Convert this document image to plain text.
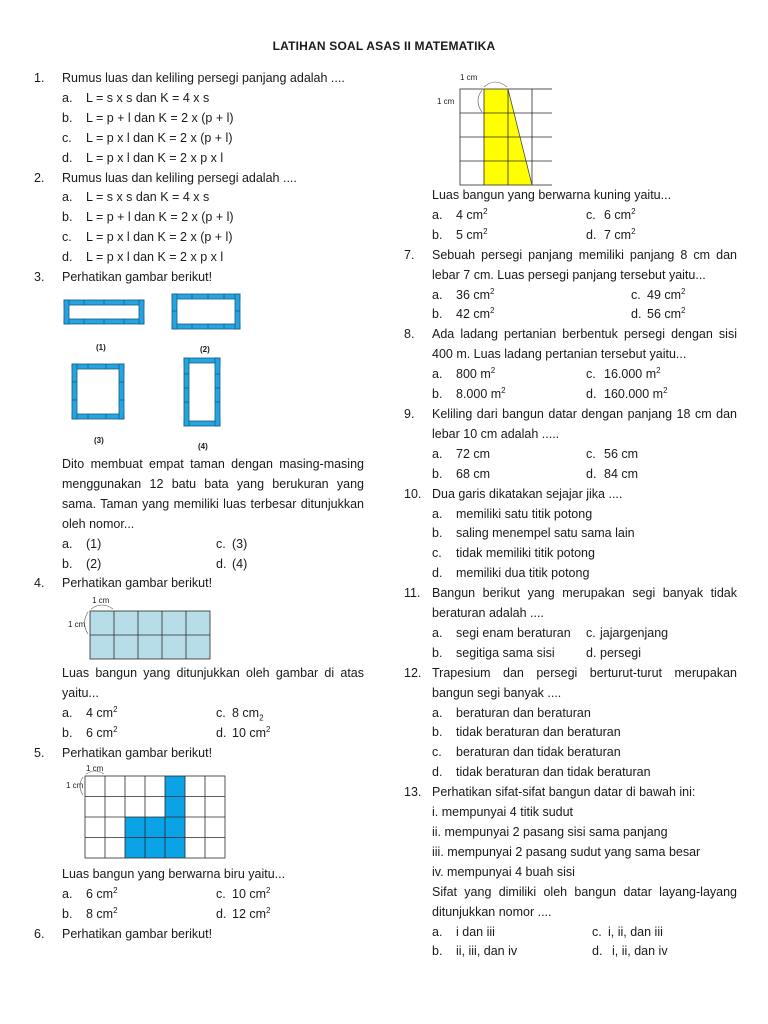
LATIHAN SOAL ASAS II MATEMATIKA
1.	Rumus luas dan keliling persegi panjang adalah ....
a. L = s x s dan K = 4 x s
b. L = p + l dan K = 2 x (p + l)
c. L = p x l dan K = 2 x (p + l)
d. L = p x l dan K = 2 x p x l
2.	Rumus luas dan keliling persegi adalah ....
a. L = s x s dan K = 4 x s
b. L = p + l dan K = 2 x (p + l)
c. L = p x l dan K = 2 x (p + l)
d. L = p x l dan K = 2 x p x l
3.	Perhatikan gambar berikut!
(1)	(2)
(3)
(4)
Dito membuat empat taman dengan masing-masing menggunakan 12 batu bata yang berukuran yang sama. Taman yang memiliki luas terbesar ditunjukkan oleh nomor...
a. (1)	c. (3)
b. (2)	d. (4)
4.	Perhatikan gambar berikut!
1 cm
1 cm
Luas bangun yang ditunjukkan oleh gambar di atas yaitu...
a. 4 $cm^2$	c. 8 $cm_2$
b. 6 $cm^2$	d. 10 $cm^2$
5.	Perhatikan gambar berikut!
1 cm
1 cm
Luas bangun yang berwarna biru yaitu...
a. 6 $cm^2$	c. 10 $cm^2$
b. 8 $cm^2$	d. 12 $cm^2$
6.	Perhatikan gambar berikut!
1 cm
1 cm
Luas bangun yang berwarna kuning yaitu...
a. 4 $cm^2$	c. 6 $cm^2$
b. 5 $cm^2$	d. 7 $cm^2$
7.	Sebuah persegi panjang memiliki panjang 8 cm dan lebar 7 cm. Luas persegi panjang tersebut yaitu...
a. 36 $cm^2$	c. 49 $cm^2$
b. 42 $cm^2$	d. 56 $cm^2$
8.	Ada ladang pertanian berbentuk persegi dengan sisi 400 m. Luas ladang pertanian tersebut yaitu...
a. 800 $m^2$	c. 16.000 $m^2$
b. 8.000 $m^2$	d. 160.000 $m^2$
9.	Keliling dari bangun datar dengan panjang 18 cm dan lebar 10 cm adalah .....
a. 72 cm	c. 56 cm
b. 68 cm	d. 84 cm
10. Dua garis dikatakan sejajar jika ....
a. memiliki satu titik potong
b. saling menempel satu sama lain
c. tidak memiliki titik potong
d. memiliki dua titik potong
11. Bangun berikut yang merupakan segi banyak tidak beraturan adalah ....
a. segi enam beraturan	c. jajargenjang
b. segitiga sama sisi	d. persegi
12. Trapesium dan persegi berturut-turut merupakan bangun segi banyak ....
a. beraturan dan beraturan
b. tidak beraturan dan beraturan
c. beraturan dan tidak beraturan
d. tidak beraturan dan tidak beraturan
13. Perhatikan sifat-sifat bangun datar di bawah ini:
i. mempunyai 4 titik sudut
ii. mempunyai 2 pasang sisi sama panjang
iii. mempunyai 2 pasang sudut yang sama besar
iv. mempunyai 4 buah sisi
Sifat yang dimiliki oleh bangun datar layang-layang ditunjukkan nomor ....
a. i dan iii	c. i, ii, dan iii
b. ii, iii, dan iv	d. i, ii, dan iv
